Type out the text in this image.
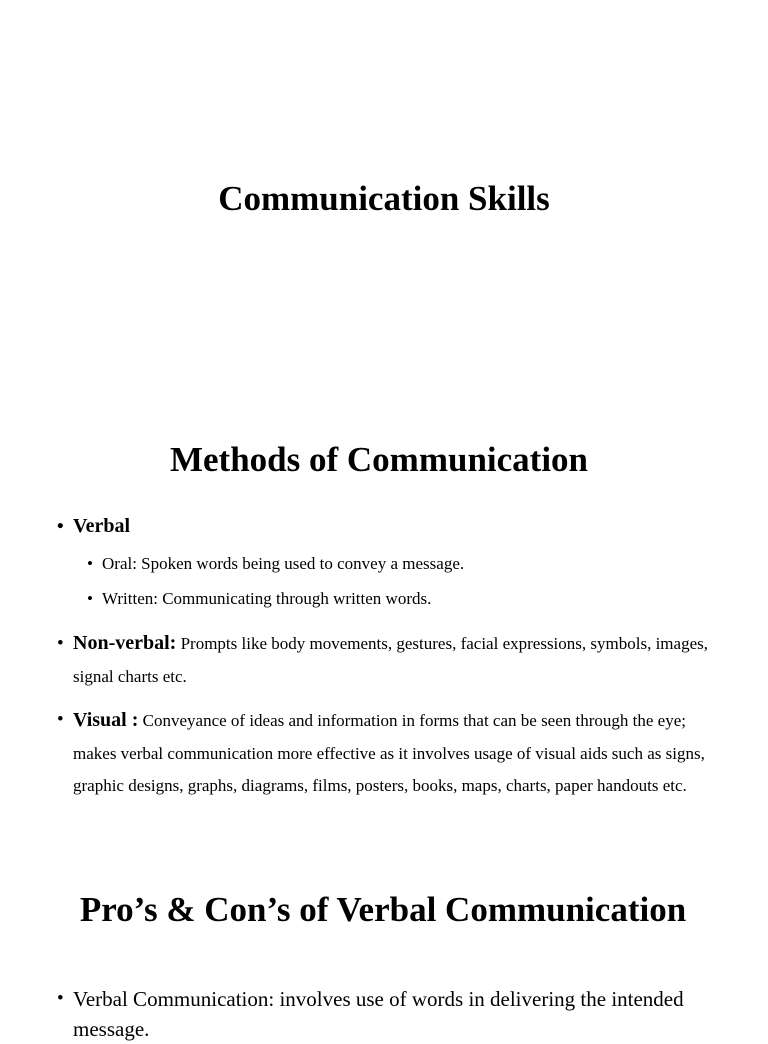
Communication Skills
Methods of Communication
• Verbal
• Oral: Spoken words being used to convey a message.
• Written: Communicating through written words.
• Non-verbal: Prompts like body movements, gestures, facial expressions, symbols, images, signal charts etc.
• Visual : Conveyance of ideas and information in forms that can be seen through the eye; makes verbal communication more effective as it involves usage of visual aids such as signs, graphic designs, graphs, diagrams, films, posters, books, maps, charts, paper handouts etc.
Pro’s & Con’s of Verbal Communication
• Verbal Communication: involves use of words in delivering the intended message.
